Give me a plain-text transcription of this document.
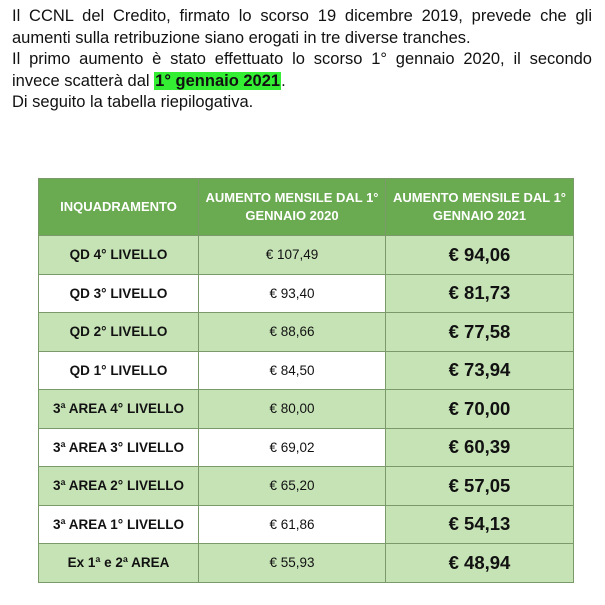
Il CCNL del Credito, firmato lo scorso 19 dicembre 2019, prevede che gli aumenti sulla retribuzione siano erogati in tre diverse tranches.

Il primo aumento è stato effettuato lo scorso 1° gennaio 2020, il secondo invece scatterà dal 1° gennaio 2021.

Di seguito la tabella riepilogativa.

INQUADRAMENTO	AUMENTO MENSILE DAL 1° GENNAIO 2020	AUMENTO MENSILE DAL 1° GENNAIO 2021
QD 4° LIVELLO	€ 107,49	€ 94,06
QD 3° LIVELLO	€ 93,40	€ 81,73
QD 2° LIVELLO	€ 88,66	€ 77,58
QD 1° LIVELLO	€ 84,50	€ 73,94
3ª AREA 4° LIVELLO	€ 80,00	€ 70,00
3ª AREA 3° LIVELLO	€ 69,02	€ 60,39
3ª AREA 2° LIVELLO	€ 65,20	€ 57,05
3ª AREA 1° LIVELLO	€ 61,86	€ 54,13
Ex 1ª e 2ª AREA	€ 55,93	€ 48,94
